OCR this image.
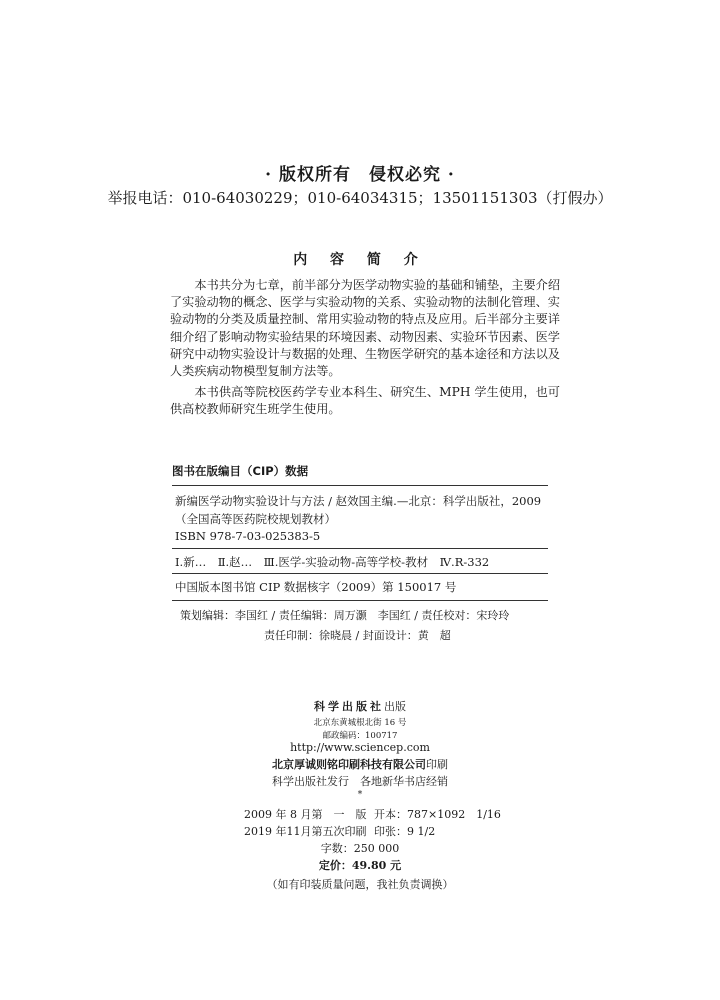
· 版权所有　侵权必究 ·
举报电话：010-64030229；010-64034315；13501151303（打假办）
内 容 简 介

本书共分为七章，前半部分为医学动物实验的基础和铺垫，主要介绍了实验动物的概念、医学与实验动物的关系、实验动物的法制化管理、实验动物的分类及质量控制、常用实验动物的特点及应用。后半部分主要详细介绍了影响动物实验结果的环境因素、动物因素、实验环节因素、医学研究中动物实验设计与数据的处理、生物医学研究的基本途径和方法以及人类疾病动物模型复制方法等。

本书供高等院校医药学专业本科生、研究生、MPH 学生使用，也可供高校教师研究生班学生使用。

图书在版编目（CIP）数据
新编医学动物实验设计与方法 / 赵效国主编.—北京：科学出版社，2009
（全国高等医药院校规划教材）
ISBN 978-7-03-025383-5
Ⅰ.新…　Ⅱ.赵…　Ⅲ.医学-实验动物-高等学校-教材　Ⅳ.R-332
中国版本图书馆 CIP 数据核字（2009）第 150017 号
策划编辑：李国红 / 责任编辑：周万灏　李国红 / 责任校对：宋玲玲
责任印制：徐晓晨 / 封面设计：黄　超
科学出版社出版
北京东黄城根北街 16 号
邮政编码：100717
http://www.sciencep.com
北京厚诚则铭印刷科技有限公司印刷
科学出版社发行　各地新华书店经销
*
2009 年 8 月第　一　版 开本：787×1092　1/16
2019 年11月第五次印刷 印张：9 1/2
字数：250 000
定价：49.80 元
（如有印装质量问题，我社负责调换）
